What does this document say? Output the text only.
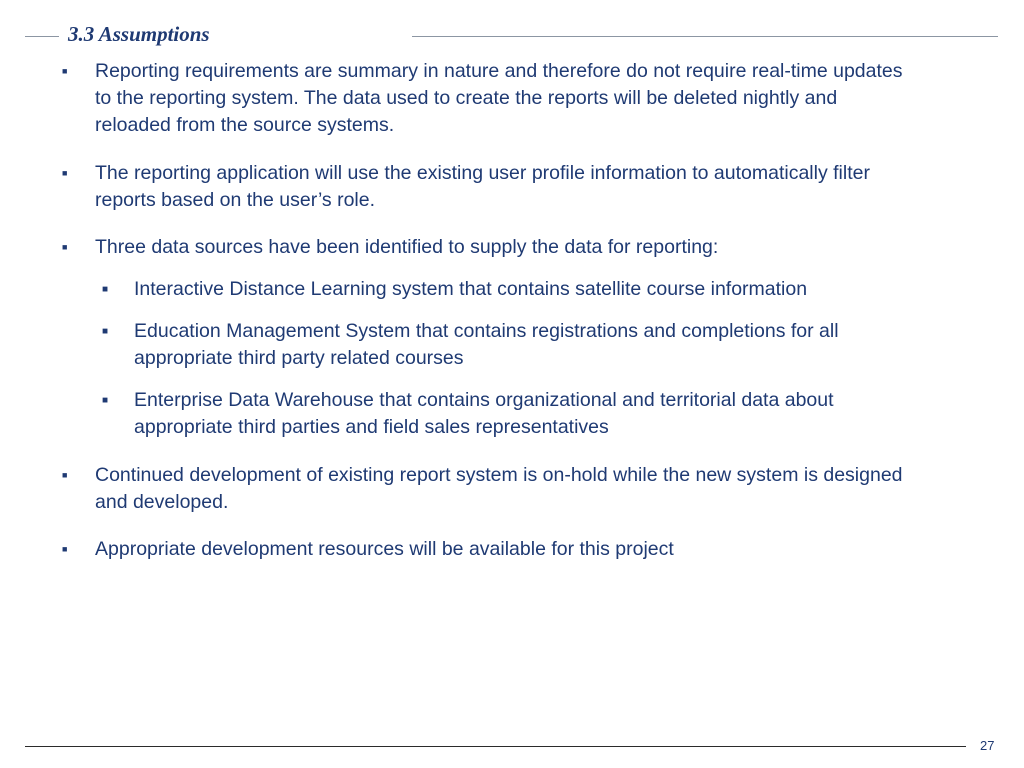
3.3 Assumptions
■ Reporting requirements are summary in nature and therefore do not require real-time updates to the reporting system. The data used to create the reports will be deleted nightly and reloaded from the source systems.
■ The reporting application will use the existing user profile information to automatically filter reports based on the user’s role.
■ Three data sources have been identified to supply the data for reporting:
■ Interactive Distance Learning system that contains satellite course information
■ Education Management System that contains registrations and completions for all appropriate third party related courses
■ Enterprise Data Warehouse that contains organizational and territorial data about appropriate third parties and field sales representatives
■ Continued development of existing report system is on-hold while the new system is designed and developed.
■ Appropriate development resources will be available for this project
27
